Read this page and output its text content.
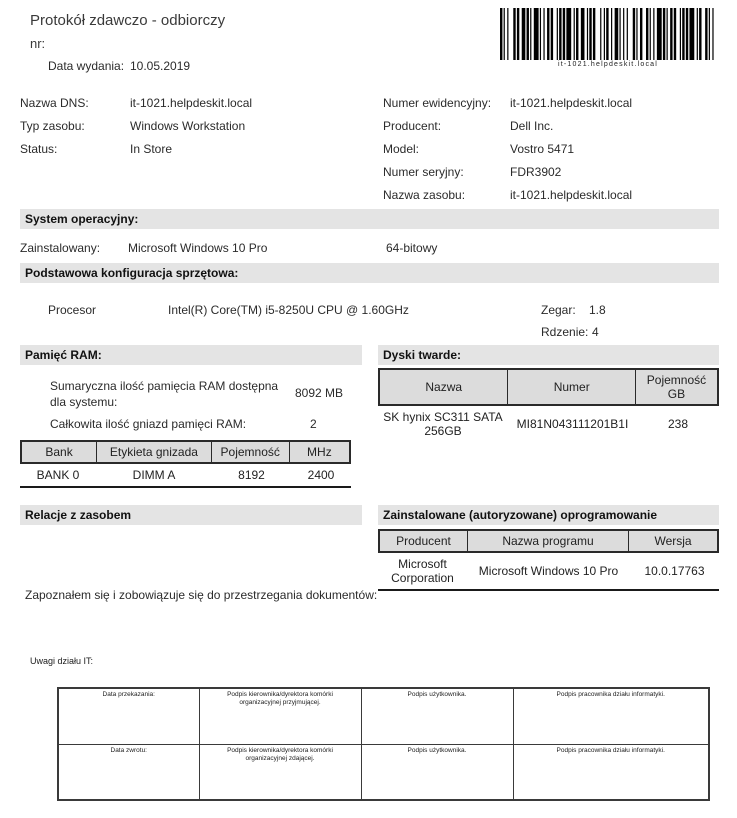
Protokół zdawczo - odbiorczy
nr:
Data wydania: 10.05.2019	it-1021.helpdeskit.local
Nazwa DNS:	it-1021.helpdeskit.local
Typ zasobu:	Windows Workstation
Status:	In Store
Numer ewidencyjny: it-1021.helpdeskit.local
Producent:	Dell Inc.
Model:	Vostro 5471
Numer seryjny:	FDR3902
Nazwa zasobu:	it-1021.helpdeskit.local
System operacyjny:
Zainstalowany: Microsoft Windows 10 Pro	64-bitowy
Podstawowa konfiguracja sprzętowa:
Procesor	Intel(R) Core(TM) i5-8250U CPU @ 1.60GHz	Zegar: 1.8
Rdzenie: 4
Pamięć RAM:	Dyski twarde:
Sumaryczna ilość pamięcia RAM dostępna dla systemu:
8092 MB
Całkowita ilość gniazd pamięci RAM:	2
Bank	Etykieta gnizada	Pojemność	MHz
BANK 0	DIMM A	8192	2400
Nazwa	Numer	Pojemność GB
SK hynix SC311 SATA 256GB	MI81N043111201B1I	238
Relacje z zasobem	Zainstalowane (autoryzowane) oprogramowanie
Producent	Nazwa programu	Wersja
Microsoft Corporation	Microsoft Windows 10 Pro	10.0.17763
Zapoznałem się i zobowiązuje się do przestrzegania dokumentów:
Uwagi działu IT:
Data przekazania:	Podpis kierownika/dyrektora komórki organizacyjnej przyjmującej.	Podpis użytkownika.	Podpis pracownika działu informatyki.
Data zwrotu:	Podpis kierownika/dyrektora komórki organizacyjnej zdającej.	Podpis użytkownika.	Podpis pracownika działu informatyki.
